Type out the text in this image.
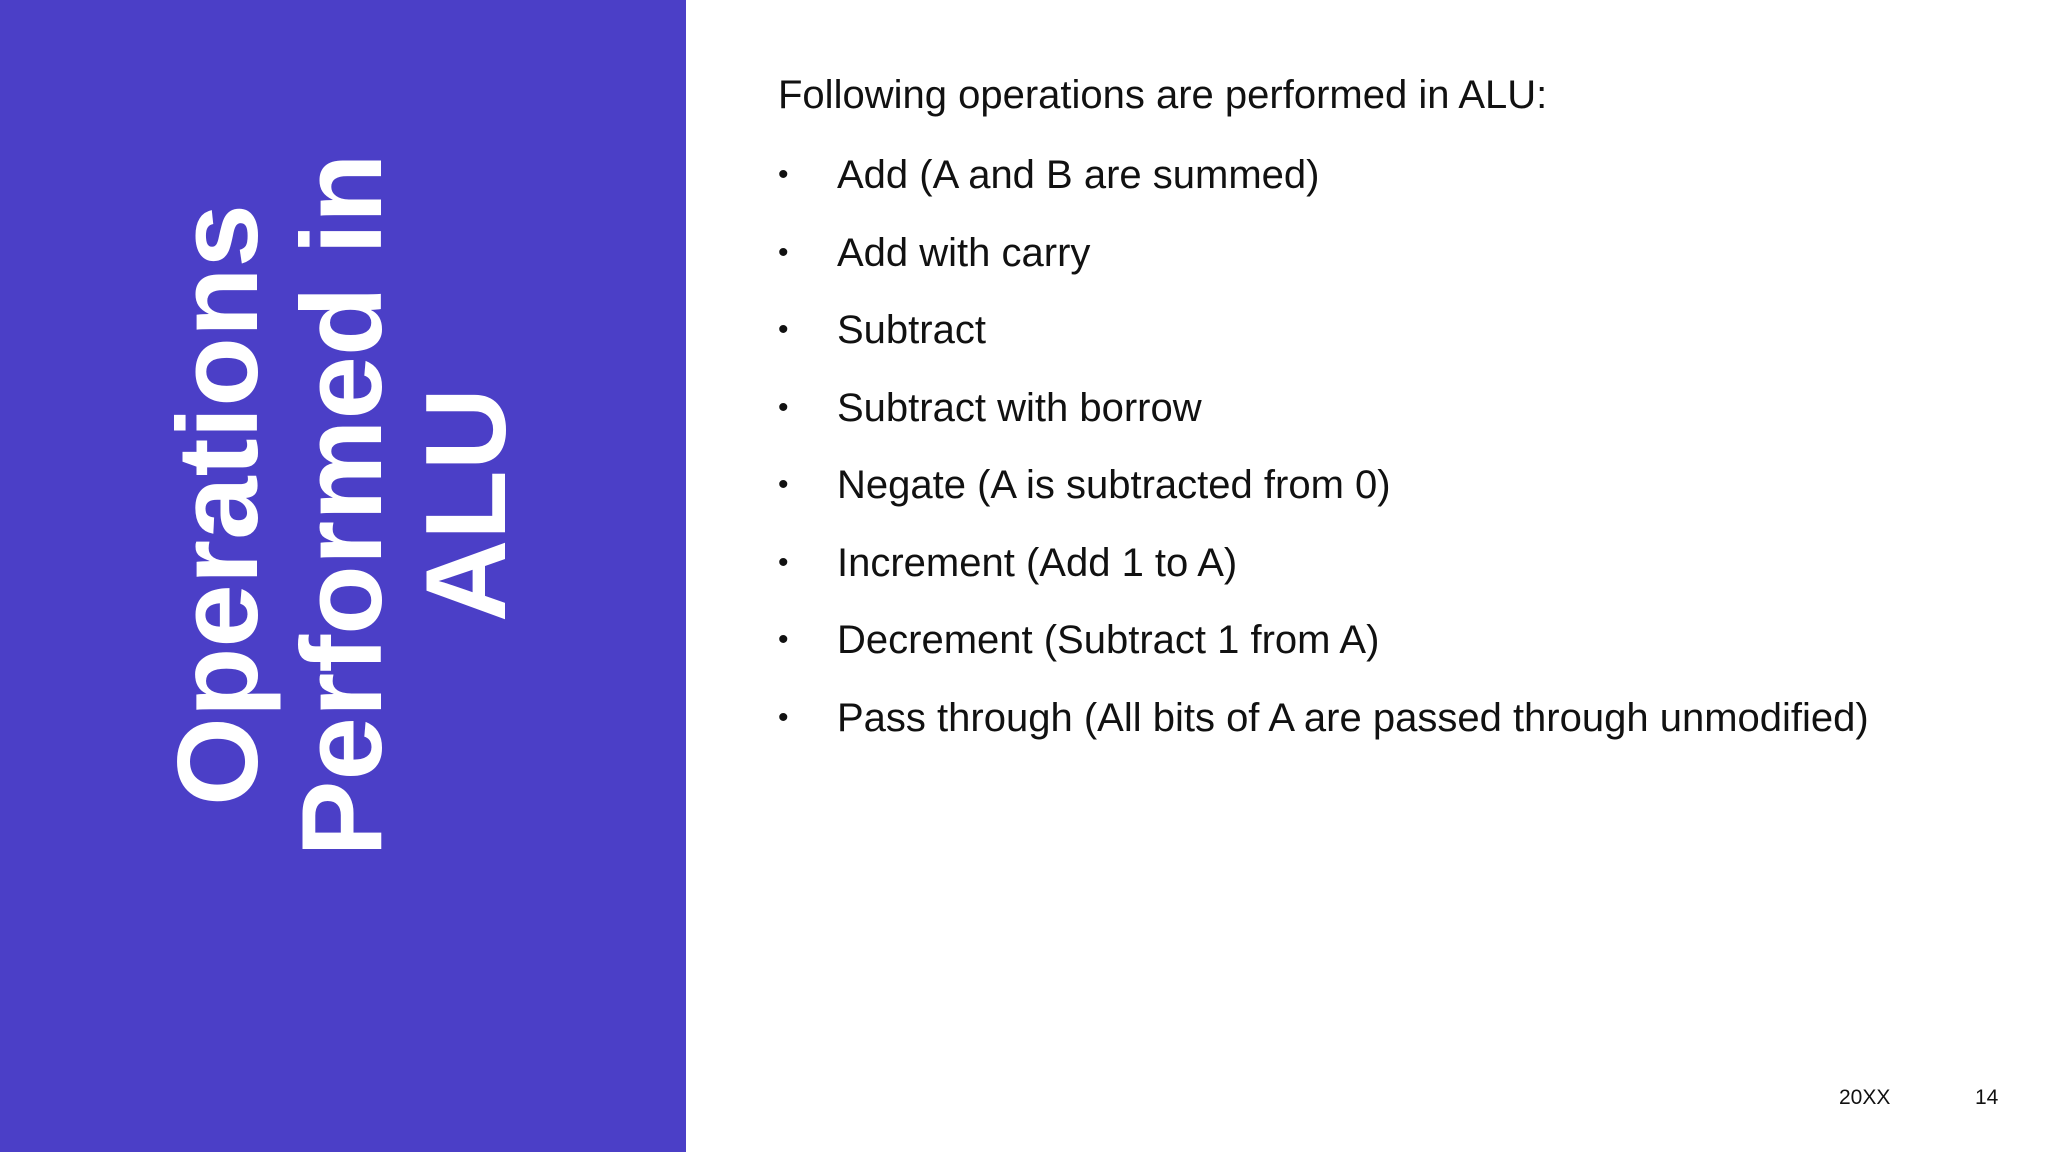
Operations
Performed in
ALU

Following operations are performed in ALU:

• Add (A and B are summed)
• Add with carry
• Subtract
• Subtract with borrow
• Negate (A is subtracted from 0)
• Increment (Add 1 to A)
• Decrement (Subtract 1 from A)
• Pass through (All bits of A are passed through unmodified)
20XX	14
